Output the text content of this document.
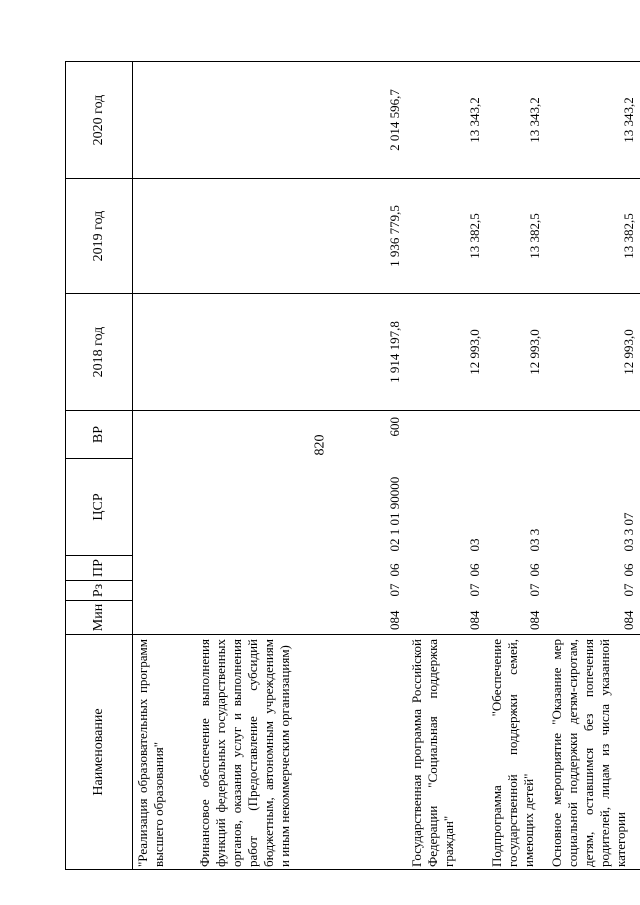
820
Наименование	Мин	Рз	ПР	ЦСР	ВР	2018 год	2019 год	2020 год
"Реализация образовательных программ высшего образования"								
Финансовое обеспечение выполнения функций федеральных государственных органов, оказания услуг и выполнения работ (Предоставление субсидий бюджетным, автономным учреждениям и иным некоммерческим организациям)	084	07	06	02 1 01 90000	600	1 914 197,8	1 936 779,5	2 014 596,7
Государственная программа Российской Федерации "Социальная поддержка граждан"	084	07	06	03		12 993,0	13 382,5	13 343,2
Подпрограмма "Обеспечение государственной поддержки семей, имеющих детей"	084	07	06	03 3		12 993,0	13 382,5	13 343,2
Основное мероприятие "Оказание мер социальной поддержки детям-сиротам, детям, оставшимся без попечения родителей, лицам из числа указанной категории	084	07	06	03 3 07		12 993,0	13 382,5	13 343,2
